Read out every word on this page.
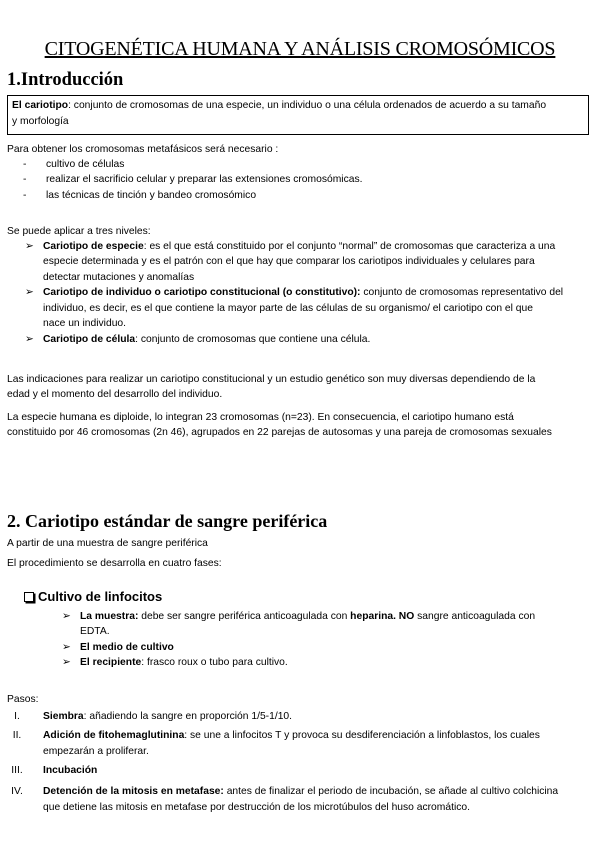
CITOGENÉTICA HUMANA Y ANÁLISIS CROMOSÓMICOS
1.Introducción
El cariotipo: conjunto de cromosomas de una especie, un individuo o una célula ordenados de acuerdo a su tamaño
y morfología
Para obtener los cromosomas metafásicos será necesario :
- cultivo de células
- realizar el sacrificio celular y preparar las extensiones cromosómicas.
- las técnicas de tinción y bandeo cromosómico
Se puede aplicar a tres niveles:
➢ Cariotipo de especie: es el que está constituido por el conjunto “normal” de cromosomas que caracteriza a una
especie determinada y es el patrón con el que hay que comparar los cariotipos individuales y celulares para
detectar mutaciones y anomalías
➢ Cariotipo de individuo o cariotipo constitucional (o constitutivo): conjunto de cromosomas representativo del
individuo, es decir, es el que contiene la mayor parte de las células de su organismo/ el cariotipo con el que
nace un individuo.
➢ Cariotipo de célula: conjunto de cromosomas que contiene una célula.
Las indicaciones para realizar un cariotipo constitucional y un estudio genético son muy diversas dependiendo de la
edad y el momento del desarrollo del individuo.
La especie humana es diploide, lo integran 23 cromosomas (n=23). En consecuencia, el cariotipo humano está
constituido por 46 cromosomas (2n 46), agrupados en 22 parejas de autosomas y una pareja de cromosomas sexuales
2. Cariotipo estándar de sangre periférica
A partir de una muestra de sangre periférica
El procedimiento se desarrolla en cuatro fases:
Cultivo de linfocitos
➢ La muestra: debe ser sangre periférica anticoagulada con heparina. NO sangre anticoagulada con
EDTA.
➢ El medio de cultivo
➢ El recipiente: frasco roux o tubo para cultivo.
Pasos:
I.	Siembra: añadiendo la sangre en proporción 1/5-1/10.
II.	Adición de fitohemaglutinina: se une a linfocitos T y provoca su desdiferenciación a linfoblastos, los cuales
empezarán a proliferar.
III.	Incubación
IV.	Detención de la mitosis en metafase: antes de finalizar el periodo de incubación, se añade al cultivo colchicina
que detiene las mitosis en metafase por destrucción de los microtúbulos del huso acromático.
